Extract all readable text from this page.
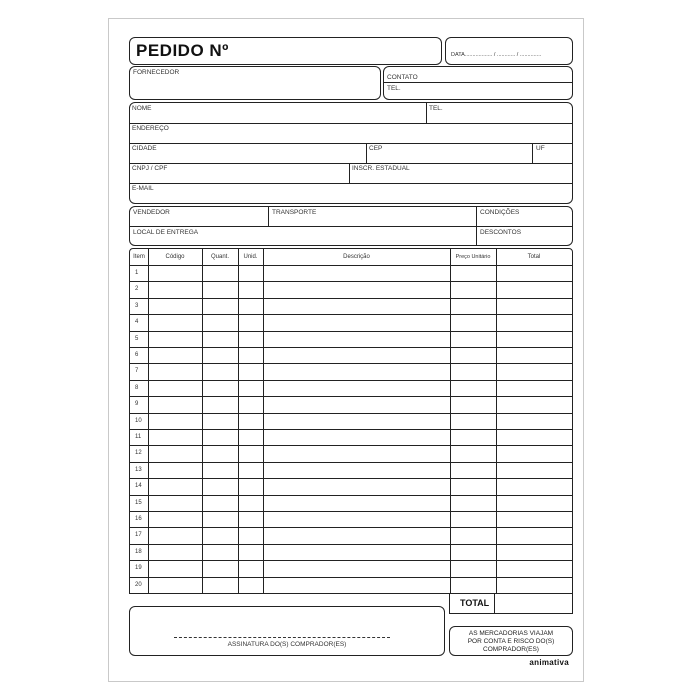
PEDIDO Nº	DATA.................. / ............ / ..............
FORNECEDOR
CONTATO
TEL.
NOME	TEL.
ENDEREÇO
CIDADE	CEP	UF
CNPJ / CPF	INSCR. ESTADUAL
E-MAIL
VENDEDOR	TRANSPORTE	CONDIÇÕES
LOCAL DE ENTREGA	DESCONTOS
Item	Código	Quant.	Unid.	Descrição	Preço Unitário	Total
1
2
3
4
5
6
7
8
9
10
11
12
13
14
15
16
17
18
19
20
TOTAL
ASSINATURA DO(S) COMPRADOR(ES)
AS MERCADORIAS VIAJAM
POR CONTA E RISCO DO(S)
COMPRADOR(ES)
animativa
